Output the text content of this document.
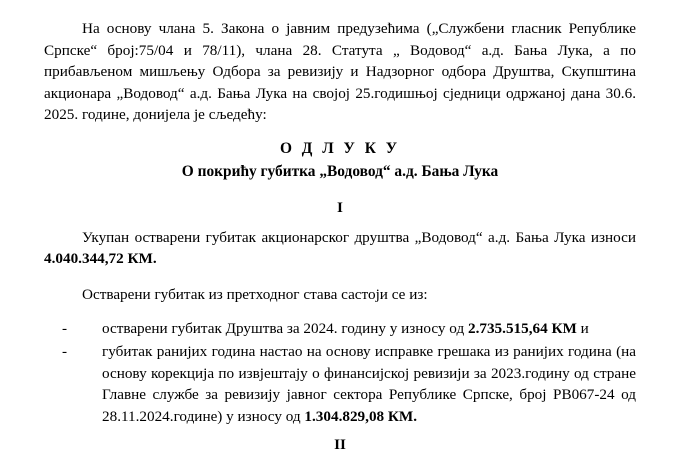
На основу члана 5. Закона о јавним предузећима („Службени гласник Републике Српске“ број:75/04 и 78/11), члана 28. Статута „ Водовод“ а.д. Бања Лука, а по прибављеном мишљењу Одбора за ревизију и Надзорног одбора Друштва, Скупштина акционара „Водовод“ а.д. Бања Лука на својој 25.годишњој сједници одржаној дана 30.6. 2025. године, донијела је сљедећу:

О Д Л У К У
О покрићу губитка „Водовод“ а.д. Бања Лука
I

Укупан остварени губитак акционарског друштва „Водовод“ а.д. Бања Лука износи 4.040.344,72 КМ.

Остварени губитак из претходног става састоји се из:

- остварени губитак Друштва за 2024. годину у износу од 2.735.515,64 КМ и
- губитак ранијих година настао на основу исправке грешака из ранијих година (на основу корекција по извјештају о финансијској ревизији за 2023.годину од стране Главне службе за ревизију јавног сектора Републике Српске, број РВ067-24 од 28.11.2024.године) у износу од 1.304.829,08 КМ.
II
